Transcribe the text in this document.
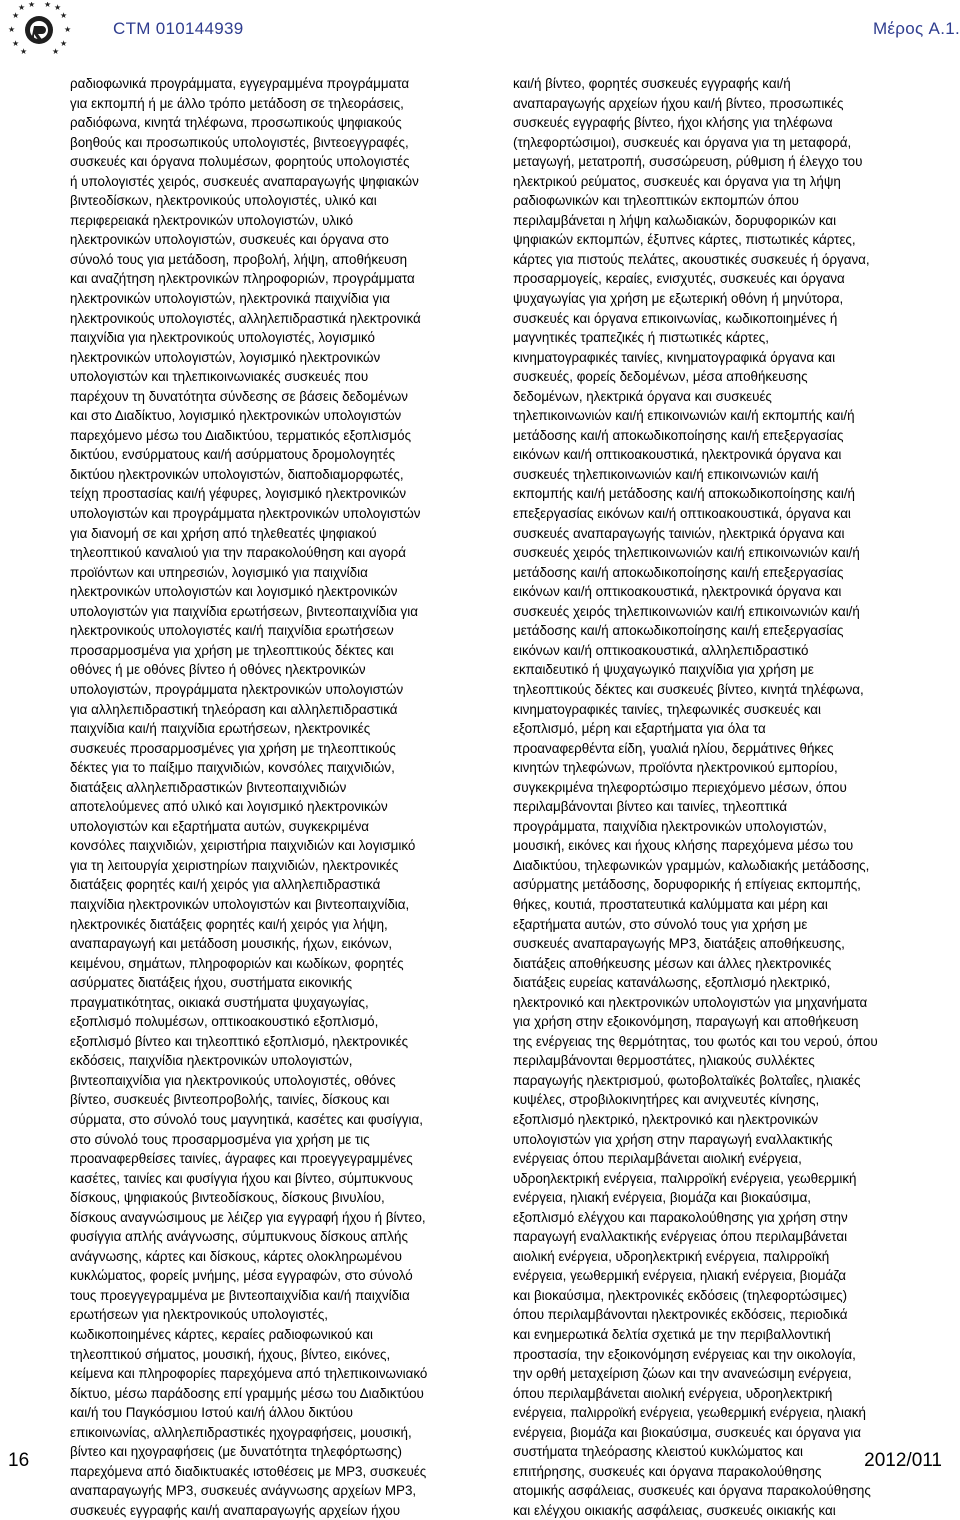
★
★ ★ ★ ★
★
★	★
★	★
★	★
CTM 010144939	Μέρος A.1.
ραδιοφωνικά προγράμματα, εγγεγραμμένα προγράμματα
για εκπομπή ή με άλλο τρόπο μετάδοση σε τηλεοράσεις,
ραδιόφωνα, κινητά τηλέφωνα, προσωπικούς ψηφιακούς
βοηθούς και προσωπικούς υπολογιστές, βιντεοεγγραφές,
συσκευές και όργανα πολυμέσων, φορητούς υπολογιστές
ή υπολογιστές χειρός, συσκευές αναπαραγωγής ψηφιακών
βιντεοδίσκων, ηλεκτρονικούς υπολογιστές, υλικό και
περιφερειακά ηλεκτρονικών υπολογιστών, υλικό
ηλεκτρονικών υπολογιστών, συσκευές και όργανα στο
σύνολό τους για μετάδοση, προβολή, λήψη, αποθήκευση
και αναζήτηση ηλεκτρονικών πληροφοριών, προγράμματα
ηλεκτρονικών υπολογιστών, ηλεκτρονικά παιχνίδια για
ηλεκτρονικούς υπολογιστές, αλληλεπιδραστικά ηλεκτρονικά
παιχνίδια για ηλεκτρονικούς υπολογιστές, λογισμικό
ηλεκτρονικών υπολογιστών, λογισμικό ηλεκτρονικών
υπολογιστών και τηλεπικοινωνιακές συσκευές που
παρέχουν τη δυνατότητα σύνδεσης σε βάσεις δεδομένων
και στο Διαδίκτυο, λογισμικό ηλεκτρονικών υπολογιστών
παρεχόμενο μέσω του Διαδικτύου, τερματικός εξοπλισμός
δικτύου, ενσύρματους και/ή ασύρματους δρομολογητές
δικτύου ηλεκτρονικών υπολογιστών, διαποδιαμορφωτές,
τείχη προστασίας και/ή γέφυρες, λογισμικό ηλεκτρονικών
υπολογιστών και προγράμματα ηλεκτρονικών υπολογιστών
για διανομή σε και χρήση από τηλεθεατές ψηφιακού
τηλεοπτικού καναλιού για την παρακολούθηση και αγορά
προϊόντων και υπηρεσιών, λογισμικό για παιχνίδια
ηλεκτρονικών υπολογιστών και λογισμικό ηλεκτρονικών
υπολογιστών για παιχνίδια ερωτήσεων, βιντεοπαιχνίδια για
ηλεκτρονικούς υπολογιστές και/ή παιχνίδια ερωτήσεων
προσαρμοσμένα για χρήση με τηλεοπτικούς δέκτες και
οθόνες ή με οθόνες βίντεο ή οθόνες ηλεκτρονικών
υπολογιστών, προγράμματα ηλεκτρονικών υπολογιστών
για αλληλεπιδραστική τηλεόραση και αλληλεπιδραστικά
παιχνίδια και/ή παιχνίδια ερωτήσεων, ηλεκτρονικές
συσκευές προσαρμοσμένες για χρήση με τηλεοπτικούς
δέκτες για το παίξιμο παιχνιδιών, κονσόλες παιχνιδιών,
διατάξεις αλληλεπιδραστικών βιντεοπαιχνιδιών
αποτελούμενες από υλικό και λογισμικό ηλεκτρονικών
υπολογιστών και εξαρτήματα αυτών, συγκεκριμένα
κονσόλες παιχνιδιών, χειριστήρια παιχνιδιών και λογισμικό
για τη λειτουργία χειριστηρίων παιχνιδιών, ηλεκτρονικές
διατάξεις φορητές και/ή χειρός για αλληλεπιδραστικά
παιχνίδια ηλεκτρονικών υπολογιστών και βιντεοπαιχνίδια,
ηλεκτρονικές διατάξεις φορητές και/ή χειρός για λήψη,
αναπαραγωγή και μετάδοση μουσικής, ήχων, εικόνων,
κειμένου, σημάτων, πληροφοριών και κωδίκων, φορητές
ασύρματες διατάξεις ήχου, συστήματα εικονικής
πραγματικότητας, οικιακά συστήματα ψυχαγωγίας,
εξοπλισμό πολυμέσων, οπτικοακουστικό εξοπλισμό,
εξοπλισμό βίντεο και τηλεοπτικό εξοπλισμό, ηλεκτρονικές
εκδόσεις, παιχνίδια ηλεκτρονικών υπολογιστών,
βιντεοπαιχνίδια για ηλεκτρονικούς υπολογιστές, οθόνες
βίντεο, συσκευές βιντεοπροβολής, ταινίες, δίσκους και
σύρματα, στο σύνολό τους μαγνητικά, κασέτες και φυσίγγια,
στο σύνολό τους προσαρμοσμένα για χρήση με τις
προαναφερθείσες ταινίες, άγραφες και προεγγεγραμμένες
κασέτες, ταινίες και φυσίγγια ήχου και βίντεο, σύμπυκνους
δίσκους, ψηφιακούς βιντεοδίσκους, δίσκους βινυλίου,
δίσκους αναγνώσιμους με λέιζερ για εγγραφή ήχου ή βίντεο,
φυσίγγια απλής ανάγνωσης, σύμπυκνους δίσκους απλής
ανάγνωσης, κάρτες και δίσκους, κάρτες ολοκληρωμένου
κυκλώματος, φορείς μνήμης, μέσα εγγραφών, στο σύνολό
τους προεγγεγραμμένα με βιντεοπαιχνίδια και/ή παιχνίδια
ερωτήσεων για ηλεκτρονικούς υπολογιστές,
κωδικοποιημένες κάρτες, κεραίες ραδιοφωνικού και
τηλεοπτικού σήματος, μουσική, ήχους, βίντεο, εικόνες,
κείμενα και πληροφορίες παρεχόμενα από τηλεπικοινωνιακό
δίκτυο, μέσω παράδοσης επί γραμμής μέσω του Διαδικτύου
και/ή του Παγκόσμιου Ιστού και/ή άλλου δικτύου
επικοινωνίας, αλληλεπιδραστικές ηχογραφήσεις, μουσική,
βίντεο και ηχογραφήσεις (με δυνατότητα τηλεφόρτωσης)
παρεχόμενα από διαδικτυακές ιστοθέσεις με MP3, συσκευές
αναπαραγωγής MP3, συσκευές ανάγνωσης αρχείων MP3,
συσκευές εγγραφής και/ή αναπαραγωγής αρχείων ήχου
και/ή βίντεο, φορητές συσκευές εγγραφής και/ή
αναπαραγωγής αρχείων ήχου και/ή βίντεο, προσωπικές
συσκευές εγγραφής βίντεο, ήχοι κλήσης για τηλέφωνα
(τηλεφορτώσιμοι), συσκευές και όργανα για τη μεταφορά,
μεταγωγή, μετατροπή, συσσώρευση, ρύθμιση ή έλεγχο του
ηλεκτρικού ρεύματος, συσκευές και όργανα για τη λήψη
ραδιοφωνικών και τηλεοπτικών εκπομπών όπου
περιλαμβάνεται η λήψη καλωδιακών, δορυφορικών και
ψηφιακών εκπομπών, έξυπνες κάρτες, πιστωτικές κάρτες,
κάρτες για πιστούς πελάτες, ακουστικές συσκευές ή όργανα,
προσαρμογείς, κεραίες, ενισχυτές, συσκευές και όργανα
ψυχαγωγίας για χρήση με εξωτερική οθόνη ή μηνύτορα,
συσκευές και όργανα επικοινωνίας, κωδικοποιημένες ή
μαγνητικές τραπεζικές ή πιστωτικές κάρτες,
κινηματογραφικές ταινίες, κινηματογραφικά όργανα και
συσκευές, φορείς δεδομένων, μέσα αποθήκευσης
δεδομένων, ηλεκτρικά όργανα και συσκευές
τηλεπικοινωνιών και/ή επικοινωνιών και/ή εκπομπής και/ή
μετάδοσης και/ή αποκωδικοποίησης και/ή επεξεργασίας
εικόνων και/ή οπτικοακουστικά, ηλεκτρονικά όργανα και
συσκευές τηλεπικοινωνιών και/ή επικοινωνιών και/ή
εκπομπής και/ή μετάδοσης και/ή αποκωδικοποίησης και/ή
επεξεργασίας εικόνων και/ή οπτικοακουστικά, όργανα και
συσκευές αναπαραγωγής ταινιών, ηλεκτρικά όργανα και
συσκευές χειρός τηλεπικοινωνιών και/ή επικοινωνιών και/ή
μετάδοσης και/ή αποκωδικοποίησης και/ή επεξεργασίας
εικόνων και/ή οπτικοακουστικά, ηλεκτρονικά όργανα και
συσκευές χειρός τηλεπικοινωνιών και/ή επικοινωνιών και/ή
μετάδοσης και/ή αποκωδικοποίησης και/ή επεξεργασίας
εικόνων και/ή οπτικοακουστικά, αλληλεπιδραστικό
εκπαιδευτικό ή ψυχαγωγικό παιχνίδια για χρήση με
τηλεοπτικούς δέκτες και συσκευές βίντεο, κινητά τηλέφωνα,
κινηματογραφικές ταινίες, τηλεφωνικές συσκευές και
εξοπλισμό, μέρη και εξαρτήματα για όλα τα
προαναφερθέντα είδη, γυαλιά ηλίου, δερμάτινες θήκες
κινητών τηλεφώνων, προϊόντα ηλεκτρονικού εμπορίου,
συγκεκριμένα τηλεφορτώσιμο περιεχόμενο μέσων, όπου
περιλαμβάνονται βίντεο και ταινίες, τηλεοπτικά
προγράμματα, παιχνίδια ηλεκτρονικών υπολογιστών,
μουσική, εικόνες και ήχους κλήσης παρεχόμενα μέσω του
Διαδικτύου, τηλεφωνικών γραμμών, καλωδιακής μετάδοσης,
ασύρματης μετάδοσης, δορυφορικής ή επίγειας εκπομπής,
θήκες, κουτιά, προστατευτικά καλύμματα και μέρη και
εξαρτήματα αυτών, στο σύνολό τους για χρήση με
συσκευές αναπαραγωγής MP3, διατάξεις αποθήκευσης,
διατάξεις αποθήκευσης μέσων και άλλες ηλεκτρονικές
διατάξεις ευρείας κατανάλωσης, εξοπλισμό ηλεκτρικό,
ηλεκτρονικό και ηλεκτρονικών υπολογιστών για μηχανήματα
για χρήση στην εξοικονόμηση, παραγωγή και αποθήκευση
της ενέργειας της θερμότητας, του φωτός και του νερού, όπου
περιλαμβάνονται θερμοστάτες, ηλιακούς συλλέκτες
παραγωγής ηλεκτρισμού, φωτοβολταϊκές βολταΐες, ηλιακές
κυψέλες, στροβιλοκινητήρες και ανιχνευτές κίνησης,
εξοπλισμό ηλεκτρικό, ηλεκτρονικό και ηλεκτρονικών
υπολογιστών για χρήση στην παραγωγή εναλλακτικής
ενέργειας όπου περιλαμβάνεται αιολική ενέργεια,
υδροηλεκτρική ενέργεια, παλιρροϊκή ενέργεια, γεωθερμική
ενέργεια, ηλιακή ενέργεια, βιομάζα και βιοκαύσιμα,
εξοπλισμό ελέγχου και παρακολούθησης για χρήση στην
παραγωγή εναλλακτικής ενέργειας όπου περιλαμβάνεται
αιολική ενέργεια, υδροηλεκτρική ενέργεια, παλιρροϊκή
ενέργεια, γεωθερμική ενέργεια, ηλιακή ενέργεια, βιομάζα
και βιοκαύσιμα, ηλεκτρονικές εκδόσεις (τηλεφορτώσιμες)
όπου περιλαμβάνονται ηλεκτρονικές εκδόσεις, περιοδικά
και ενημερωτικά δελτία σχετικά με την περιβαλλοντική
προστασία, την εξοικονόμηση ενέργειας και την οικολογία,
την ορθή μεταχείριση ζώων και την ανανεώσιμη ενέργεια,
όπου περιλαμβάνεται αιολική ενέργεια, υδροηλεκτρική
ενέργεια, παλιρροϊκή ενέργεια, γεωθερμική ενέργεια, ηλιακή
ενέργεια, βιομάζα και βιοκαύσιμα, συσκευές και όργανα για
συστήματα τηλεόρασης κλειστού κυκλώματος και
επιτήρησης, συσκευές και όργανα παρακολούθησης
ατομικής ασφάλειας, συσκευές και όργανα παρακολούθησης
και ελέγχου οικιακής ασφάλειας, συσκευές οικιακής και
16	2012/011
